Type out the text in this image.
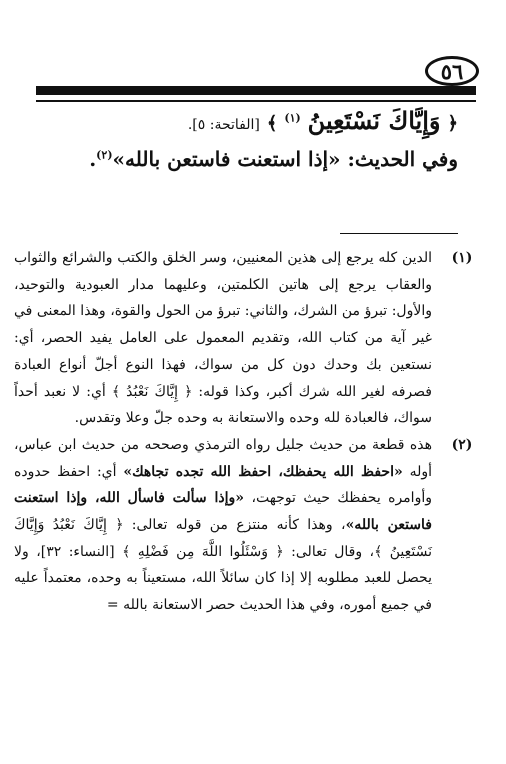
٥٦
﴿ وَإِيَّاكَ نَسْتَعِينُ $^{(١)}$ ﴾ [الفاتحة: ٥].
وفي الحديث: «إذا استعنت فاستعن بالله»$^{(٢)}$.
(١)
الدين كله يرجع إلى هذين المعنيين، وسر الخلق والكتب والشرائع والثواب والعقاب يرجع إلى هاتين الكلمتين، وعليهما مدار العبودية والتوحيد، والأول: تبرؤ من الشرك، والثاني: تبرؤ من الحول والقوة، وهذا المعنى في غير آية من كتاب الله، وتقديم المعمول على العامل يفيد الحصر، أي: نستعين بك وحدك دون كل من سواك، فهذا النوع أجلّ أنواع العبادة فصرفه لغير الله شرك أكبر، وكذا قوله: ﴿ إِيَّاكَ نَعْبُدُ ﴾ أي: لا نعبد أحداً سواك، فالعبادة لله وحده والاستعانة به وحده جلّ وعلا وتقدس.
(٢)
هذه قطعة من حديث جليل رواه الترمذي وصححه من حديث ابن عباس، أوله «احفظ الله يحفظك، احفظ الله تجده تجاهك» أي: احفظ حدوده وأوامره يحفظك حيث توجهت، «وإذا سألت فاسأل الله، وإذا استعنت فاستعن بالله»، وهذا كأنه منتزع من قوله تعالى: ﴿ إِيَّاكَ نَعْبُدُ وَإِيَّاكَ نَسْتَعِينُ ﴾، وقال تعالى: ﴿ وَسْئَلُوا اللَّهَ مِن فَضْلِهِ ﴾ [النساء: ٣٢]، ولا يحصل للعبد مطلوبه إلا إذا كان سائلاً الله، مستعيناً به وحده، معتمداً عليه في جميع أموره، وفي هذا الحديث حصر الاستعانة بالله =
